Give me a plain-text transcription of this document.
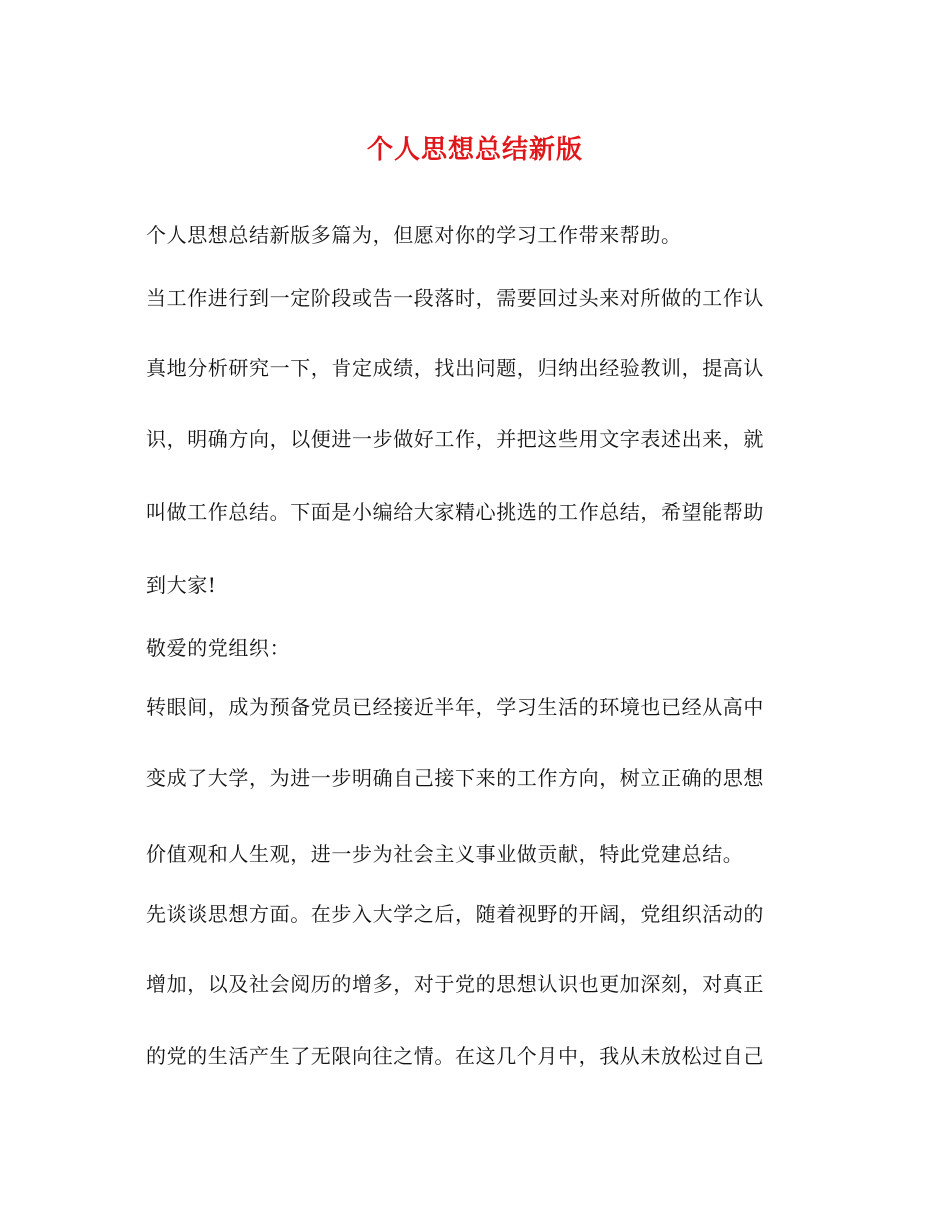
个人思想总结新版
个人思想总结新版多篇为，但愿对你的学习工作带来帮助。
当工作进行到一定阶段或告一段落时，需要回过头来对所做的工作认
真地分析研究一下，肯定成绩，找出问题，归纳出经验教训，提高认
识，明确方向，以便进一步做好工作，并把这些用文字表述出来，就
叫做工作总结。下面是小编给大家精心挑选的工作总结，希望能帮助
到大家!
敬爱的党组织：
转眼间，成为预备党员已经接近半年，学习生活的环境也已经从高中
变成了大学，为进一步明确自己接下来的工作方向，树立正确的思想
价值观和人生观，进一步为社会主义事业做贡献，特此党建总结。
先谈谈思想方面。在步入大学之后，随着视野的开阔，党组织活动的
增加，以及社会阅历的增多，对于党的思想认识也更加深刻，对真正
的党的生活产生了无限向往之情。在这几个月中，我从未放松过自己
